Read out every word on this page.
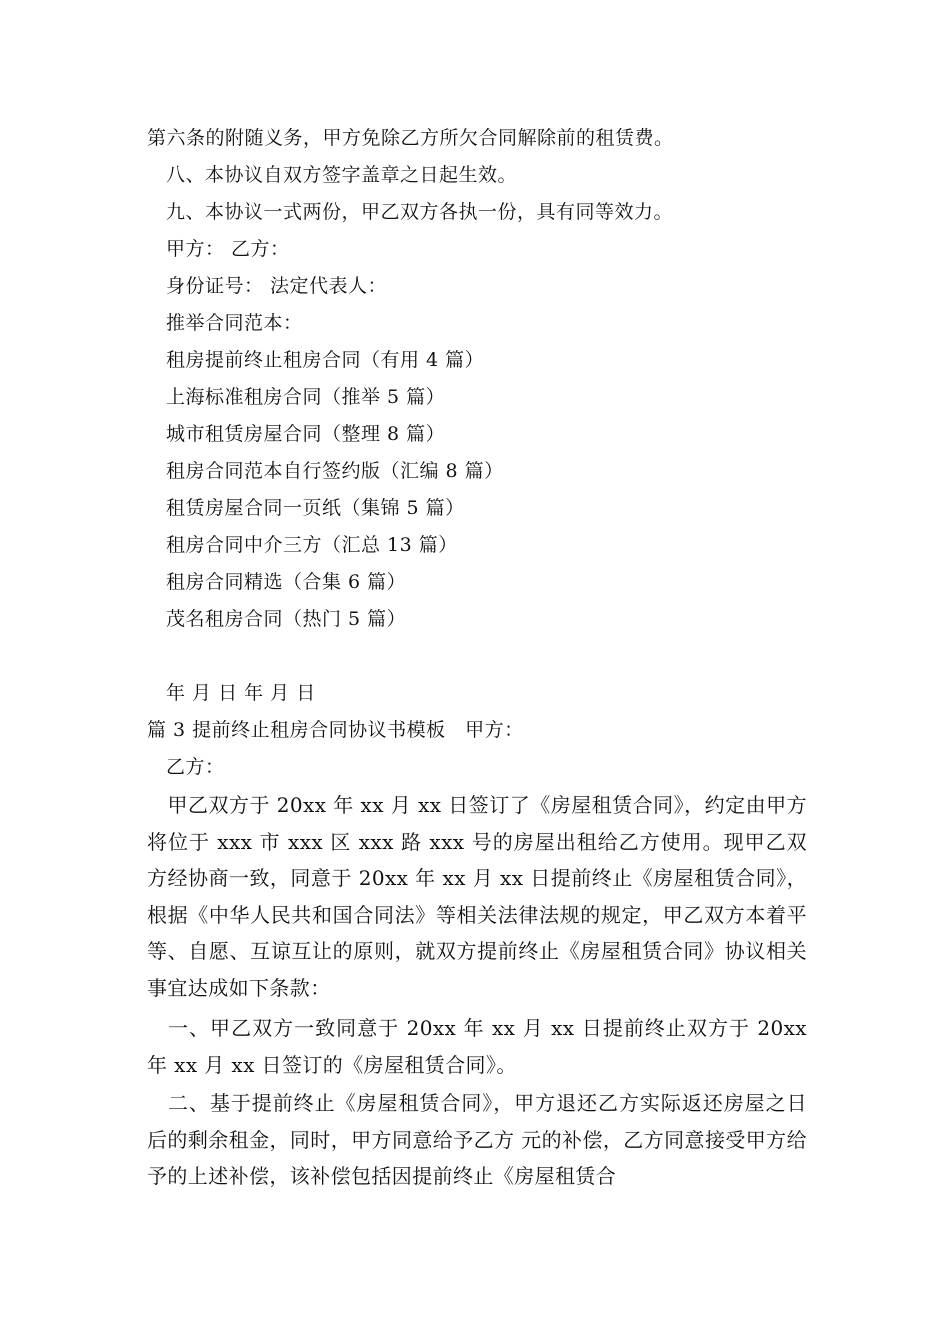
第六条的附随义务，甲方免除乙方所欠合同解除前的租赁费。
八、本协议自双方签字盖章之日起生效。
九、本协议一式两份，甲乙双方各执一份，具有同等效力。
甲方： 乙方：
身份证号： 法定代表人：
推举合同范本：
租房提前终止租房合同（有用 4 篇）
上海标准租房合同（推举 5 篇）
城市租赁房屋合同（整理 8 篇）
租房合同范本自行签约版（汇编 8 篇）
租赁房屋合同一页纸（集锦 5 篇）
租房合同中介三方（汇总 13 篇）
租房合同精选（合集 6 篇）
茂名租房合同（热门 5 篇）
年 月 日 年 月 日
篇 3 提前终止租房合同协议书模板　甲方：
乙方：
　甲乙双方于 20xx 年 xx 月 xx 日签订了《房屋租赁合同》，约定由甲方将位于 xxx 市 xxx 区 xxx 路 xxx 号的房屋出租给乙方使用。现甲乙双方经协商一致，同意于 20xx 年 xx 月 xx 日提前终止《房屋租赁合同》，根据《中华人民共和国合同法》等相关法律法规的规定，甲乙双方本着平等、自愿、互谅互让的原则，就双方提前终止《房屋租赁合同》协议相关事宜达成如下条款：
　一、甲乙双方一致同意于 20xx 年 xx 月 xx 日提前终止双方于 20xx 年 xx 月 xx 日签订的《房屋租赁合同》。
　二、基于提前终止《房屋租赁合同》，甲方退还乙方实际返还房屋之日后的剩余租金，同时，甲方同意给予乙方 元的补偿，乙方同意接受甲方给予的上述补偿，该补偿包括因提前终止《房屋租赁合
